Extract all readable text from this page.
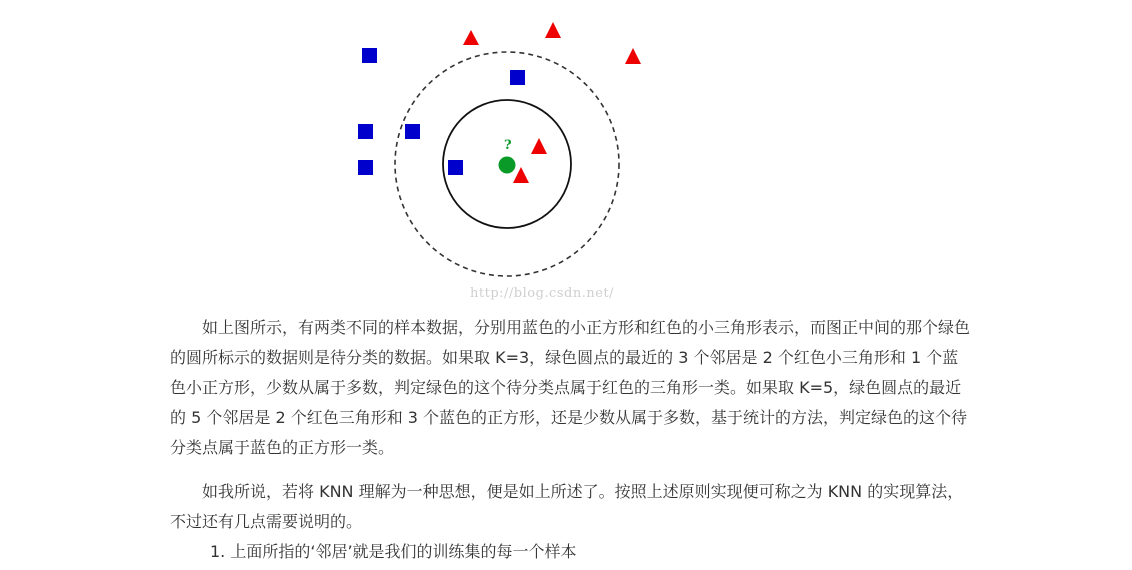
?
http://blog.csdn.net/

如上图所示，有两类不同的样本数据，分别用蓝色的小正方形和红色的小三角形表示，而图正中间的那个绿色的圆所标示的数据则是待分类的数据。如果取 K=3，绿色圆点的最近的 3 个邻居是 2 个红色小三角形和 1 个蓝色小正方形，少数从属于多数，判定绿色的这个待分类点属于红色的三角形一类。如果取 K=5，绿色圆点的最近的 5 个邻居是 2 个红色三角形和 3 个蓝色的正方形，还是少数从属于多数，基于统计的方法，判定绿色的这个待分类点属于蓝色的正方形一类。

如我所说，若将 KNN 理解为一种思想，便是如上所述了。按照上述原则实现便可称之为 KNN 的实现算法，不过还有几点需要说明的。

1. 上面所指的‘邻居’就是我们的训练集的每一个样本
